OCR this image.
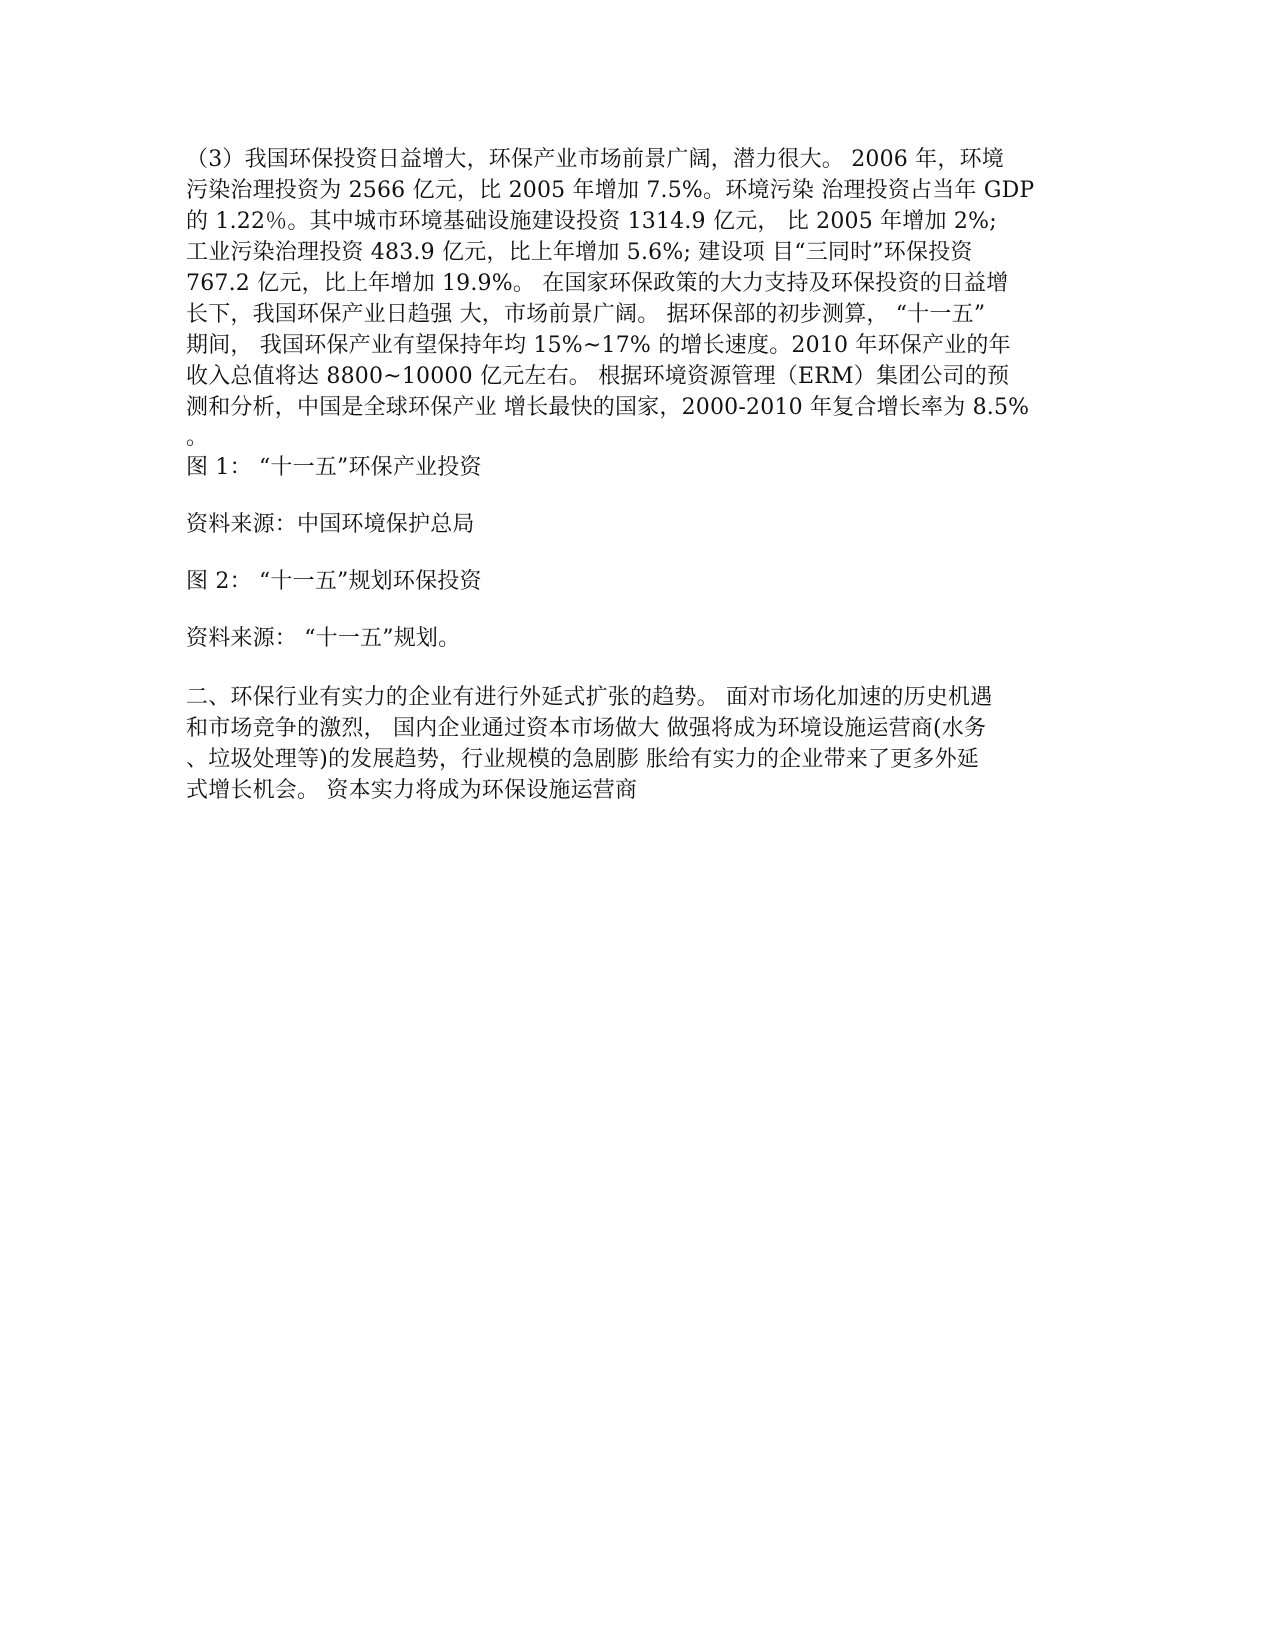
（3）我国环保投资日益增大，环保产业市场前景广阔，潜力很大。 2006 年，环境
污染治理投资为 2566 亿元，比 2005 年增加 7.5%。环境污染 治理投资占当年 GDP
的 1.22％。其中城市环境基础设施建设投资 1314.9 亿元， 比 2005 年增加 2%;
工业污染治理投资 483.9 亿元，比上年增加 5.6%; 建设项 目“三同时”环保投资
767.2 亿元，比上年增加 19.9%。 在国家环保政策的大力支持及环保投资的日益增
长下，我国环保产业日趋强 大，市场前景广阔。 据环保部的初步测算， “十一五”
期间， 我国环保产业有望保持年均 15%~17% 的增长速度。2010 年环保产业的年
收入总值将达 8800~10000 亿元左右。 根据环境资源管理（ERM）集团公司的预
测和分析，中国是全球环保产业 增长最快的国家，2000-2010 年复合增长率为 8.5%
。
图 1： “十一五”环保产业投资
资料来源：中国环境保护总局
图 2： “十一五”规划环保投资
资料来源： “十一五”规划。
二、环保行业有实力的企业有进行外延式扩张的趋势。 面对市场化加速的历史机遇
和市场竞争的激烈， 国内企业通过资本市场做大 做强将成为环境设施运营商(水务
、垃圾处理等)的发展趋势，行业规模的急剧膨 胀给有实力的企业带来了更多外延
式增长机会。 资本实力将成为环保设施运营商
